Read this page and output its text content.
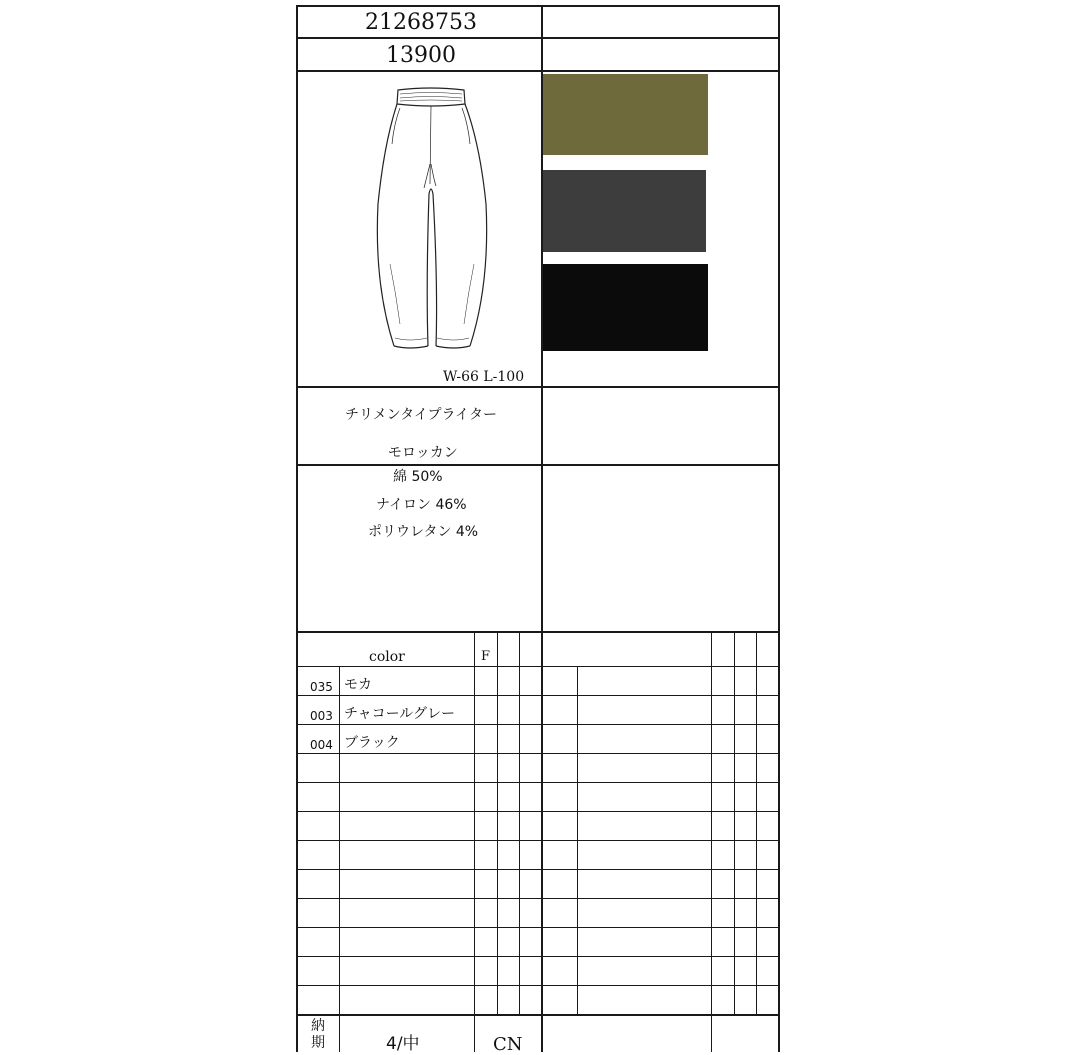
21268753
13900
W-66 L-100
チリメンタイプライター
モロッカン
綿 50%
ナイロン 46%
ポリウレタン 4%
color	F
035 モカ
003 チャコールグレー
004 ブラック
納期	4/中	CN
